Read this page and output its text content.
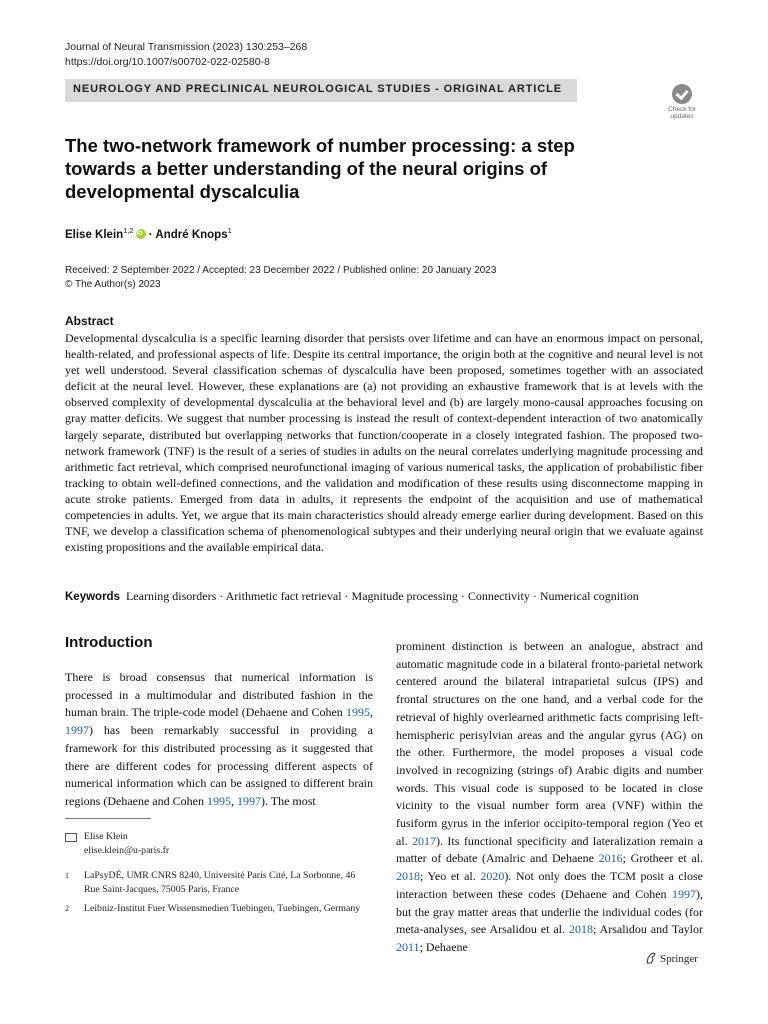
Journal of Neural Transmission (2023) 130:253–268
https://doi.org/10.1007/s00702-022-02580-8
NEUROLOGY AND PRECLINICAL NEUROLOGICAL STUDIES - ORIGINAL ARTICLE
Check for
updates
The two-network framework of number processing: a step towards a better understanding of the neural origins of developmental dyscalculia
Elise Klein$^{1,2}$iD · André Knops$^1$
Received: 2 September 2022 / Accepted: 23 December 2022 / Published online: 20 January 2023
© The Author(s) 2023
Abstract
Developmental dyscalculia is a specific learning disorder that persists over lifetime and can have an enormous impact on personal, health-related, and professional aspects of life. Despite its central importance, the origin both at the cognitive and neural level is not yet well understood. Several classification schemas of dyscalculia have been proposed, sometimes together with an associated deficit at the neural level. However, these explanations are (a) not providing an exhaustive framework that is at levels with the observed complexity of developmental dyscalculia at the behavioral level and (b) are largely mono-causal approaches focusing on gray matter deficits. We suggest that number processing is instead the result of context-dependent interaction of two anatomically largely separate, distributed but overlapping networks that function/cooperate in a closely integrated fashion. The proposed two-network framework (TNF) is the result of a series of studies in adults on the neural correlates underlying magnitude processing and arithmetic fact retrieval, which comprised neurofunctional imaging of various numerical tasks, the application of probabilistic fiber tracking to obtain well-defined connections, and the validation and modification of these results using disconnectome mapping in acute stroke patients. Emerged from data in adults, it represents the endpoint of the acquisition and use of mathematical competencies in adults. Yet, we argue that its main characteristics should already emerge earlier during development. Based on this TNF, we develop a classification schema of phenomenological subtypes and their underlying neural origin that we evaluate against existing propositions and the available empirical data.
Keywords Learning disorders · Arithmetic fact retrieval · Magnitude processing · Connectivity · Numerical cognition
Introduction
There is broad consensus that numerical information is processed in a multimodular and distributed fashion in the human brain. The triple-code model (Dehaene and Cohen 1995, 1997) has been remarkably successful in providing a framework for this distributed processing as it suggested that there are different codes for processing different aspects of numerical information which can be assigned to different brain regions (Dehaene and Cohen 1995, 1997). The most
prominent distinction is between an analogue, abstract and automatic magnitude code in a bilateral fronto-parietal network centered around the bilateral intraparietal sulcus (IPS) and frontal structures on the one hand, and a verbal code for the retrieval of highly overlearned arithmetic facts comprising left-hemispheric perisylvian areas and the angular gyrus (AG) on the other. Furthermore, the model proposes a visual code involved in recognizing (strings of) Arabic digits and number words. This visual code is supposed to be located in close vicinity to the visual number form area (VNF) within the fusiform gyrus in the inferior occipito-temporal region (Yeo et al. 2017). Its functional specificity and lateralization remain a matter of debate (Amalric and Dehaene 2016; Grotheer et al. 2018; Yeo et al. 2020). Not only does the TCM posit a close interaction between these codes (Dehaene and Cohen 1997), but the gray matter areas that underlie the individual codes (for meta-analyses, see Arsalidou et al. 2018; Arsalidou and Taylor 2011; Dehaene
Elise Klein
elise.klein@u-paris.fr
1	LaPsyDÉ, UMR CNRS 8240, Université Paris Cité, La Sorbonne, 46 Rue Saint-Jacques, 75005 Paris, France
2	Leibniz-Institut Fuer Wissensmedien Tuebingen, Tuebingen, Germany
Springer
